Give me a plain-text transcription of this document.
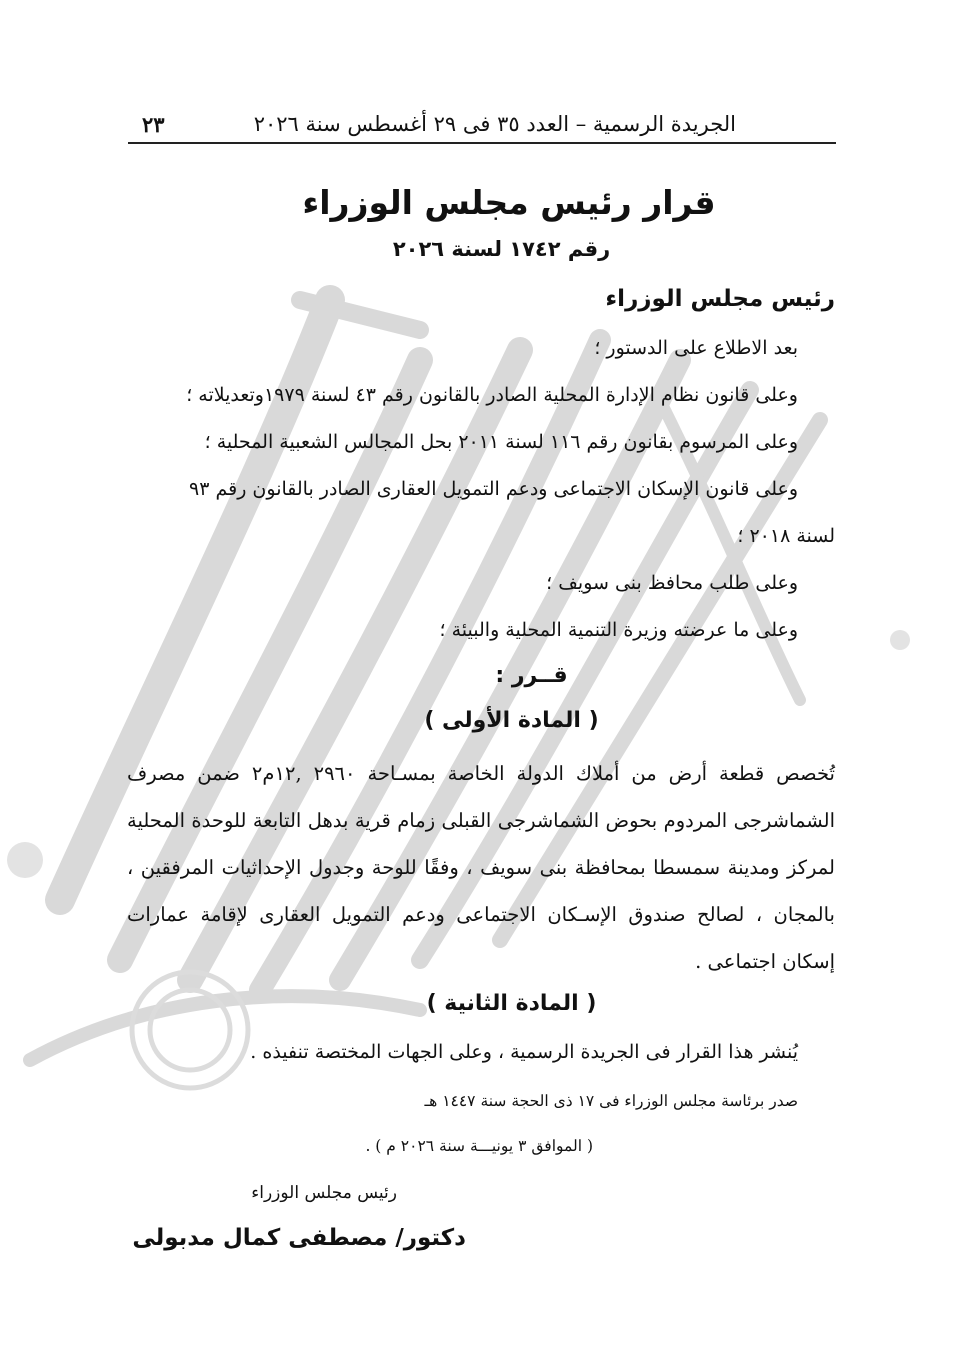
الجريدة الرسمية – العدد ٣٥ فى ٢٩ أغسطس سنة ٢٠٢٦
٢٣
قرار رئيس مجلس الوزراء
رقم ١٧٤٢ لسنة ٢٠٢٦
رئيس مجلس الوزراء
بعد الاطلاع على الدستور ؛
وعلى قانون نظام الإدارة المحلية الصادر بالقانون رقم ٤٣ لسنة ١٩٧٩وتعديلاته ؛
وعلى المرسوم بقانون رقم ١١٦ لسنة ٢٠١١ بحل المجالس الشعبية المحلية ؛
وعلى قانون الإسكان الاجتماعى ودعم التمويل العقارى الصادر بالقانون رقم ٩٣
لسنة ٢٠١٨ ؛
وعلى طلب محافظ بنى سويف ؛
وعلى ما عرضته وزيرة التنمية المحلية والبيئة ؛
قــرر :
( المادة الأولى )
تُخصص قطعة أرض من أملاك الدولة الخاصة بمسـاحة ٢٩٦٠ ,١٢م٢ ضمن مصرف
الشماشرجى المردوم بحوض الشماشرجى القبلى زمام قرية بدهل التابعة للوحدة المحلية
لمركز ومدينة سمسطا بمحافظة بنى سويف ، وفقًا للوحة وجدول الإحداثيات المرفقين ،
بالمجان ، لصالح صندوق الإسـكان الاجتماعى ودعم التمويل العقارى لإقامة عمارات
إسكان اجتماعى .
( المادة الثانية )
يُنشر هذا القرار فى الجريدة الرسمية ، وعلى الجهات المختصة تنفيذه .
صدر برئاسة مجلس الوزراء فى ١٧ ذى الحجة سنة ١٤٤٧ هـ
( الموافق ٣ يونيـــة سنة ٢٠٢٦ م ) .
رئيس مجلس الوزراء
دكتور/ مصطفى كمال مدبولى
